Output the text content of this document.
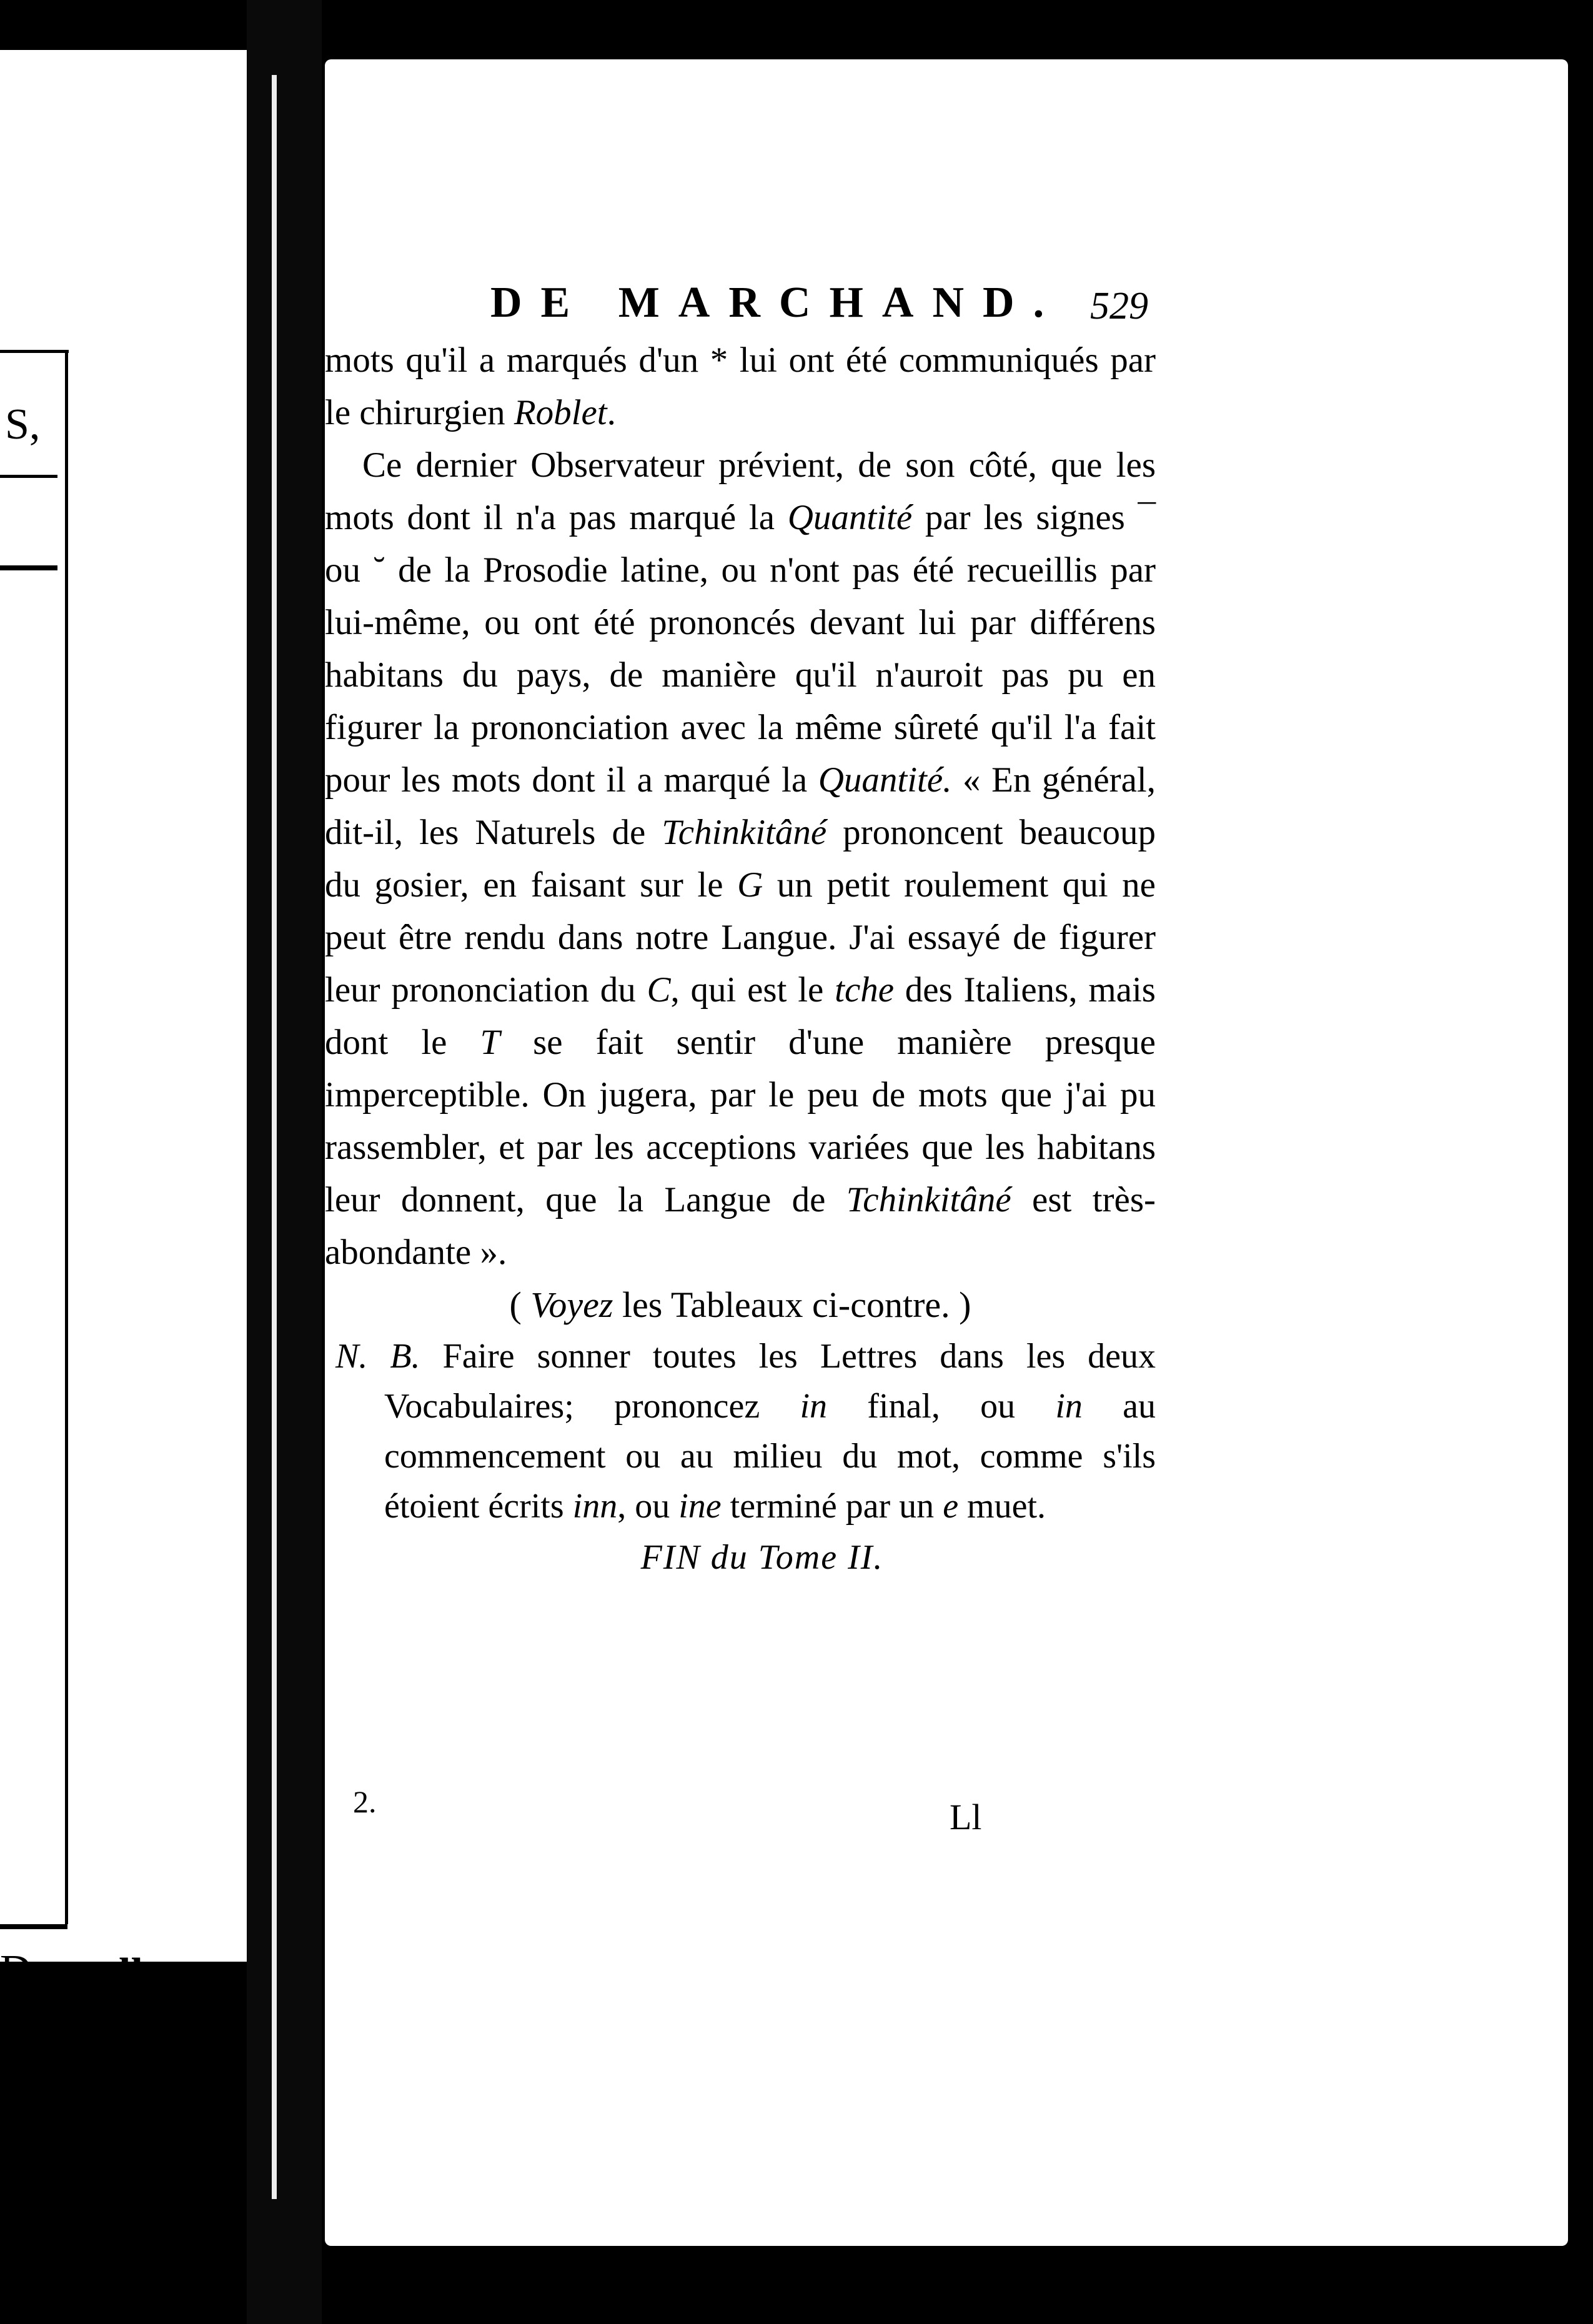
S,
D. ll
DE MARCHAND. 529

mots qu'il a marqués d'un * lui ont été communiqués par le chirurgien Roblet.

Ce dernier Observateur prévient, de son côté, que les mots dont il n'a pas marqué la Quantité par les signes ¯ ou ˘ de la Prosodie latine, ou n'ont pas été recueillis par lui-même, ou ont été prononcés devant lui par différens habitans du pays, de manière qu'il n'auroit pas pu en figurer la prononciation avec la même sûreté qu'il l'a fait pour les mots dont il a marqué la Quantité. « En général, dit-il, les Naturels de Tchinkitâné prononcent beaucoup du gosier, en faisant sur le G un petit roulement qui ne peut être rendu dans notre Langue. J'ai essayé de figurer leur prononciation du C, qui est le tche des Italiens, mais dont le T se fait sentir d'une manière presque imperceptible. On jugera, par le peu de mots que j'ai pu rassembler, et par les acceptions variées que les habitans leur donnent, que la Langue de Tchinkitâné est très-abondante ».

( Voyez les Tableaux ci-contre. )

N. B. Faire sonner toutes les Lettres dans les deux Vocabulaires; prononcez in final, ou in au commencement ou au milieu du mot, comme s'ils étoient écrits inn, ou ine terminé par un e muet.

FIN du Tome II.

2.	Ll
